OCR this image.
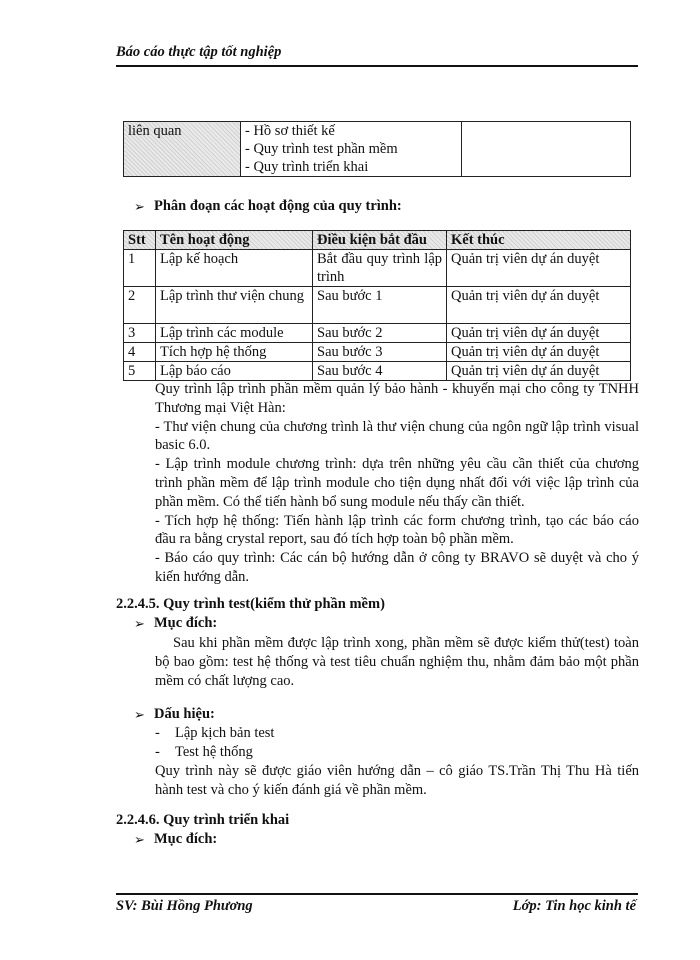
Báo cáo thực tập tốt nghiệp
liên quan	- Hồ sơ thiết kế
- Quy trình test phần mềm
- Quy trình triển khai

➢ Phân đoạn các hoạt động của quy trình:
Stt	Tên hoạt động	Điều kiện bắt đầu	Kết thúc
1	Lập kế hoạch	Bắt đầu quy trình lập trình	Quản trị viên dự án duyệt
2	Lập trình thư viện chung	Sau bước 1	Quản trị viên dự án duyệt
3	Lập trình các module	Sau bước 2	Quản trị viên dự án duyệt
4	Tích hợp hệ thống	Sau bước 3	Quản trị viên dự án duyệt
5	Lập báo cáo	Sau bước 4	Quản trị viên dự án duyệt

Quy trình lập trình phần mềm quản lý bảo hành - khuyến mại cho công ty TNHH Thương mại Việt Hàn:

- Thư viện chung của chương trình là thư viện chung của ngôn ngữ lập trình visual basic 6.0.

- Lập trình module chương trình: dựa trên những yêu cầu cần thiết của chương trình phần mềm để lập trình module cho tiện dụng nhất đối với việc lập trình của phần mềm. Có thể tiến hành bổ sung module nếu thấy cần thiết.

- Tích hợp hệ thống: Tiến hành lập trình các form chương trình, tạo các báo cáo đầu ra bằng crystal report, sau đó tích hợp toàn bộ phần mềm.

- Báo cáo quy trình: Các cán bộ hướng dẫn ở công ty BRAVO sẽ duyệt và cho ý kiến hướng dẫn.

2.2.4.5. Quy trình test(kiểm thử phần mềm)
➢ Mục đích:
Sau khi phần mềm được lập trình xong, phần mềm sẽ được kiểm thử(test) toàn bộ bao gồm: test hệ thống và test tiêu chuẩn nghiệm thu, nhằm đảm bảo một phần mềm có chất lượng cao.
➢ Dấu hiệu:
- Lập kịch bản test
- Test hệ thống
Quy trình này sẽ được giáo viên hướng dẫn – cô giáo TS.Trần Thị Thu Hà tiến hành test và cho ý kiến đánh giá về phần mềm.
2.2.4.6. Quy trình triển khai
➢ Mục đích:
SV: Bùi Hồng Phương	Lớp: Tin học kinh tế
